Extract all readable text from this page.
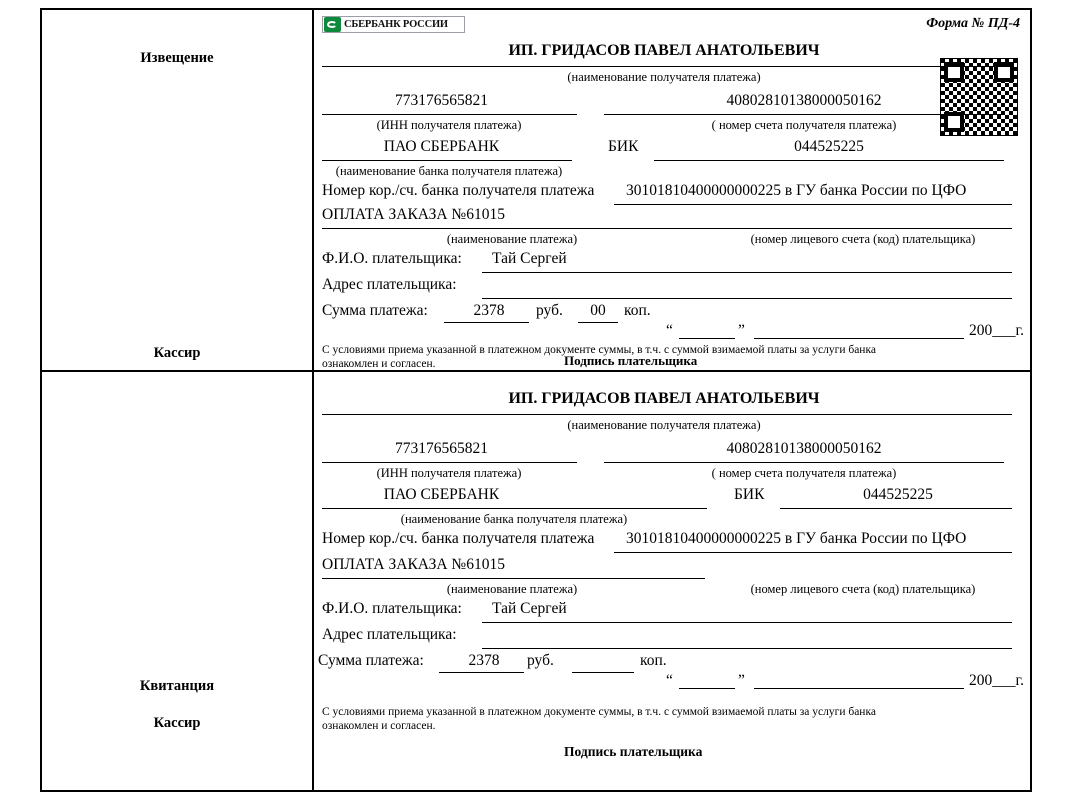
Извещение
Кассир
СБЕРБАНК РОССИИ	Форма № ПД-4
ИП. ГРИДАСОВ ПАВЕЛ АНАТОЛЬЕВИЧ
(наименование получателя платежа)
773176565821
(ИНН получателя платежа)
40802810138000050162
( номер счета получателя платежа)
ПАО СБЕРБАНК
(наименование банка получателя платежа)
БИК	044525225
Номер кор./сч. банка получателя платежа 30101810400000000225 в ГУ банка России по ЦФО
ОПЛАТА ЗАКАЗА №61015
(наименование платежа)	(номер лицевого счета (код) плательщика)
Ф.И.О. плательщика: Тай Сергей
Адрес плательщика:
Сумма платежа:	2378	руб.	00	коп.
“	”	200___г.
С условиями приема указанной в платежном документе суммы, в т.ч. с суммой взимаемой платы за услуги банка
ознакомлен и согласен.	Подпись плательщика
Квитанция
Кассир
ИП. ГРИДАСОВ ПАВЕЛ АНАТОЛЬЕВИЧ
(наименование получателя платежа)
773176565821
(ИНН получателя платежа)
40802810138000050162
( номер счета получателя платежа)
ПАО СБЕРБАНК
(наименование банка получателя платежа)
БИК	044525225
Номер кор./сч. банка получателя платежа 30101810400000000225 в ГУ банка России по ЦФО
ОПЛАТА ЗАКАЗА №61015
(наименование платежа)	(номер лицевого счета (код) плательщика)
Ф.И.О. плательщика: Тай Сергей
Адрес плательщика:
Сумма платежа:	2378	руб.	коп.
“	”	200___г.
С условиями приема указанной в платежном документе суммы, в т.ч. с суммой взимаемой платы за услуги банка
ознакомлен и согласен.
Подпись плательщика
